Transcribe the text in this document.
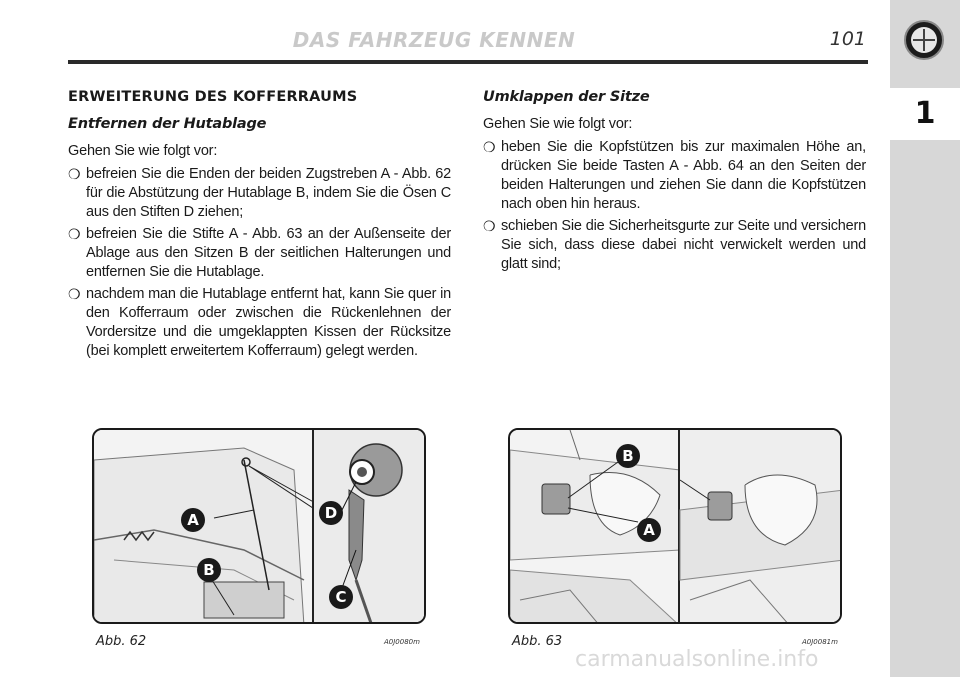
DAS FAHRZEUG KENNEN	101
1
ERWEITERUNG DES KOFFERRAUMS
Entfernen der Hutablage
Gehen Sie wie folgt vor:
❍ befreien Sie die Enden der beiden Zugstreben A - Abb. 62 für die Abstützung der Hutablage B, indem Sie die Ösen C aus den Stiften D ziehen;
❍ befreien Sie die Stifte A - Abb. 63 an der Außenseite der Ablage aus den Sitzen B der seitlichen Halterungen und entfernen Sie die Hutablage.
❍ nachdem man die Hutablage entfernt hat, kann Sie quer in den Kofferraum oder zwischen die Rückenlehnen der Vordersitze und die umgeklappten Kissen der Rücksitze (bei komplett erweitertem Kofferraum) gelegt werden.
Umklappen der Sitze
Gehen Sie wie folgt vor:
❍ heben Sie die Kopfstützen bis zur maximalen Höhe an, drücken Sie beide Tasten A - Abb. 64 an den Seiten der beiden Halterungen und ziehen Sie dann die Kopfstützen nach oben hin heraus.
❍ schieben Sie die Sicherheitsgurte zur Seite und versichern Sie sich, dass diese dabei nicht verwickelt werden und glatt sind;
A
B
D
C
B
A
Abb. 62	A0J0080m	Abb. 63	A0J0081m
carmanualsonline.info
